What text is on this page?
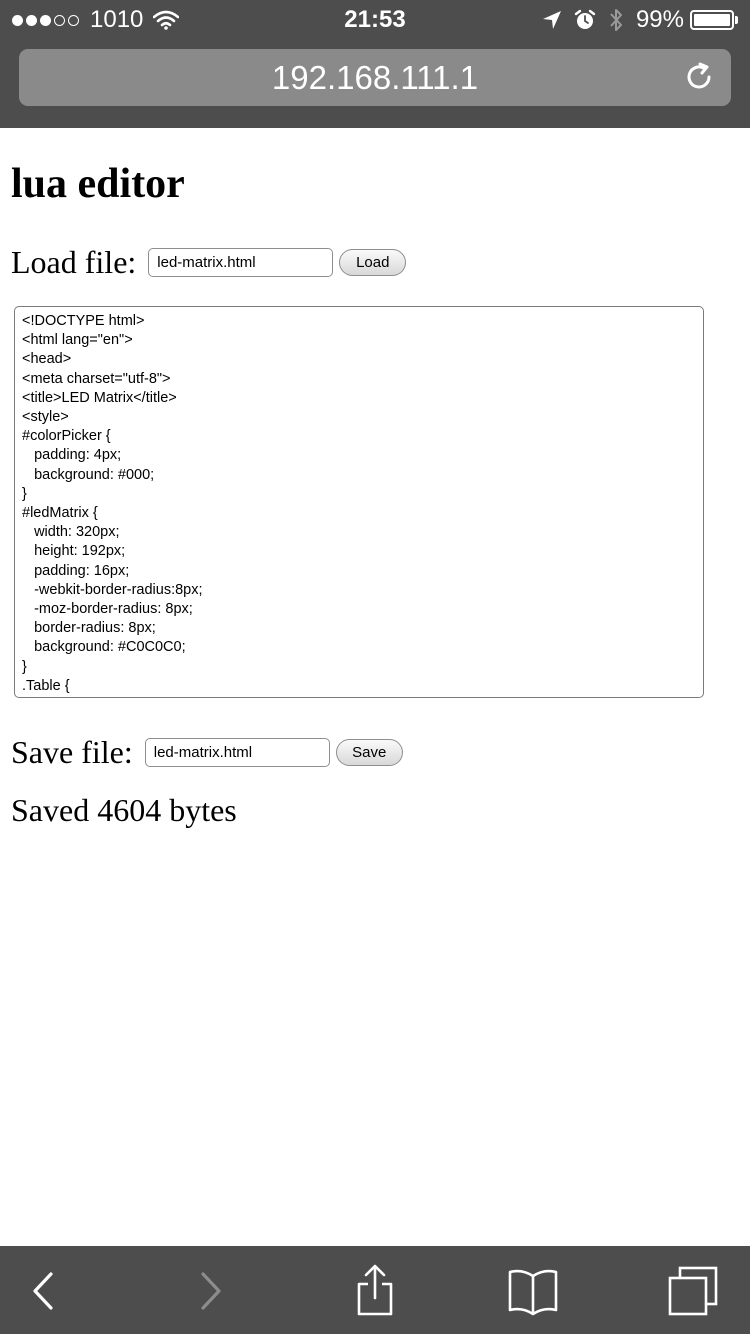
1010	21:53	99%
192.168.111.1
lua editor
Load file:
led-matrix.html	Load
<!DOCTYPE html> <html lang="en"> <head> <meta charset="utf-8"> <title>LED Matrix</title> <style> #colorPicker { padding: 4px; background: #000; } #ledMatrix { width: 320px; height: 192px; padding: 16px; -webkit-border-radius:8px; -moz-border-radius: 8px; border-radius: 8px; background: #C0C0C0; } .Table {
Save file:
led-matrix.html	Save

Saved 4604 bytes
